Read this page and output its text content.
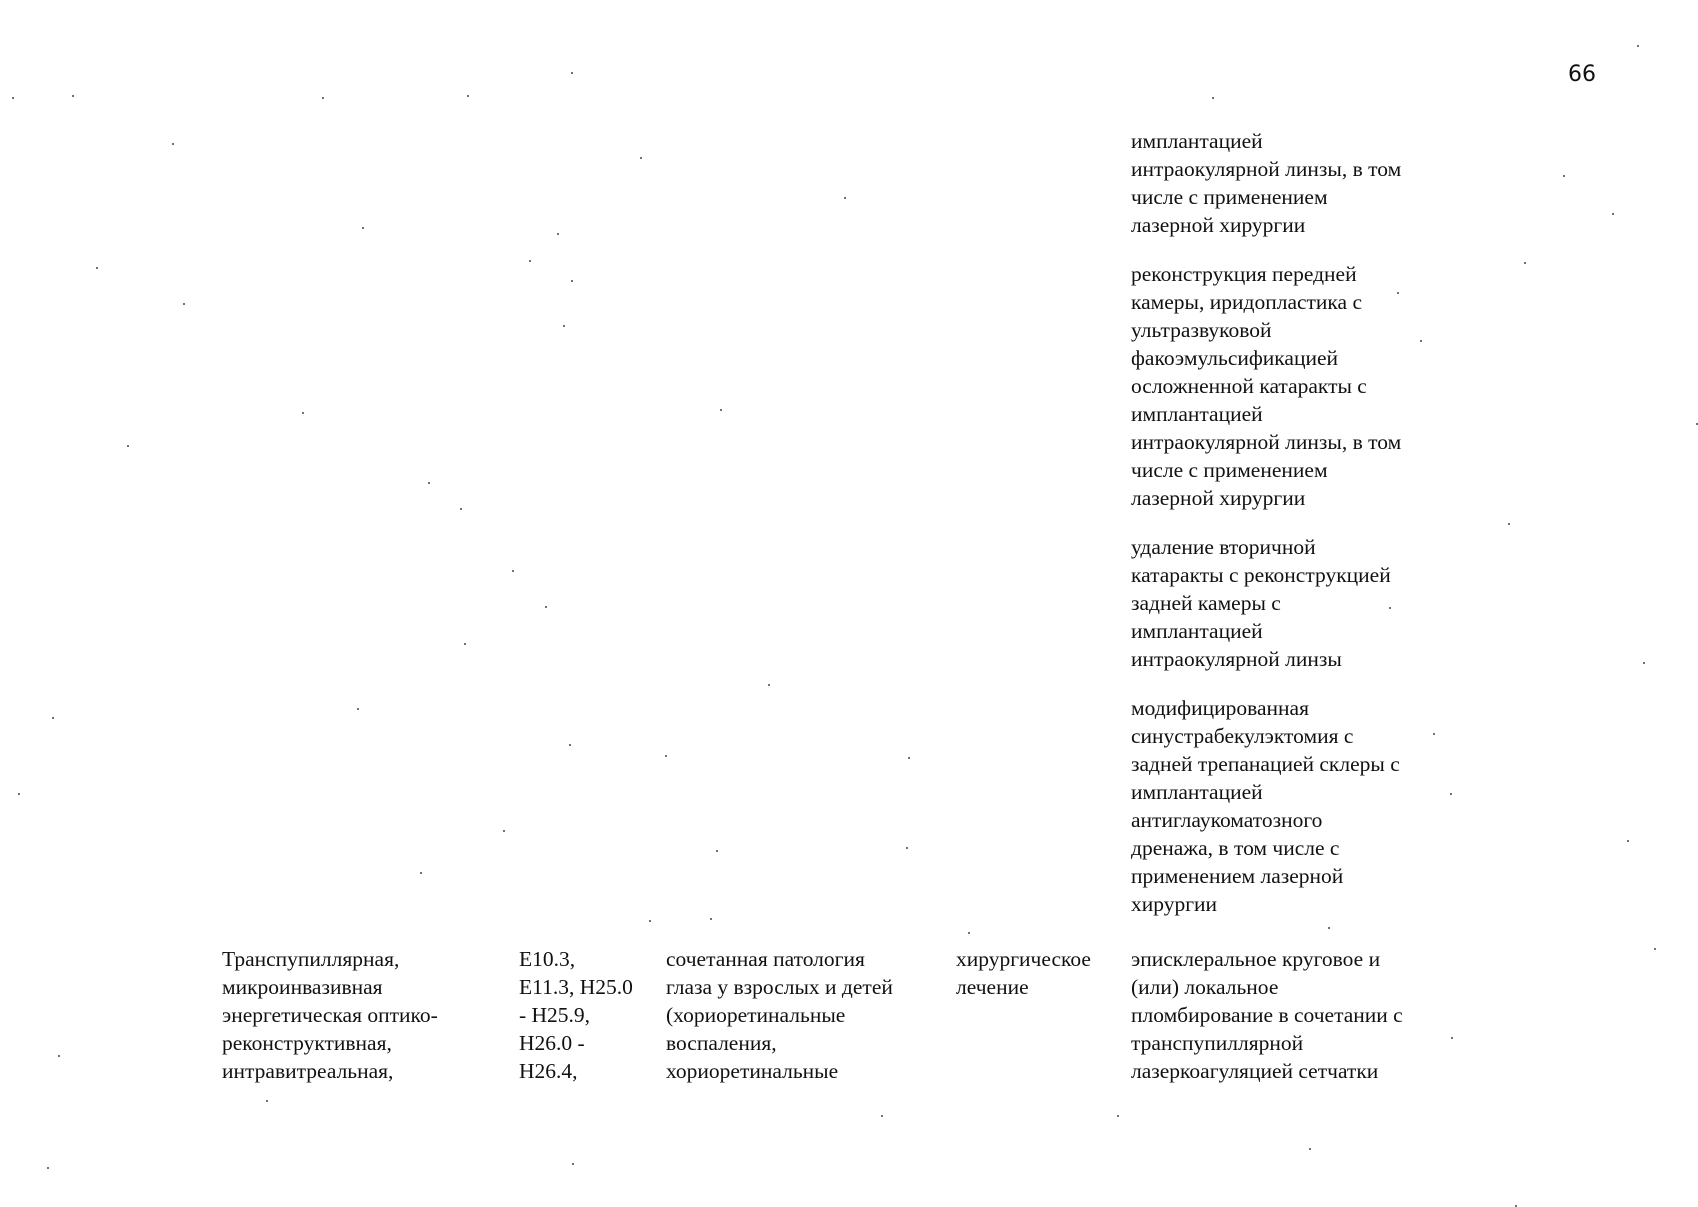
66
имплантацией
интраокулярной линзы, в том
числе с применением
лазерной хирургии
реконструкция передней
камеры, иридопластика с
ультразвуковой
факоэмульсификацией
осложненной катаракты с
имплантацией
интраокулярной линзы, в том
числе с применением
лазерной хирургии
удаление вторичной
катаракты с реконструкцией
задней камеры с
имплантацией
интраокулярной линзы
модифицированная
синустрабекулэктомия с
задней трепанацией склеры с
имплантацией
антиглаукоматозного
дренажа, в том числе с
применением лазерной
хирургии
Транспупиллярная,
микроинвазивная
энергетическая оптико-
реконструктивная,
интравитреальная,
E10.3,
E11.3, H25.0
- H25.9,
H26.0 -
H26.4,
сочетанная патология
глаза у взрослых и детей
(хориоретинальные
воспаления,
хориоретинальные
хирургическое
лечение
эписклеральное круговое и
(или) локальное
пломбирование в сочетании с
транспупиллярной
лазеркоагуляцией сетчатки
